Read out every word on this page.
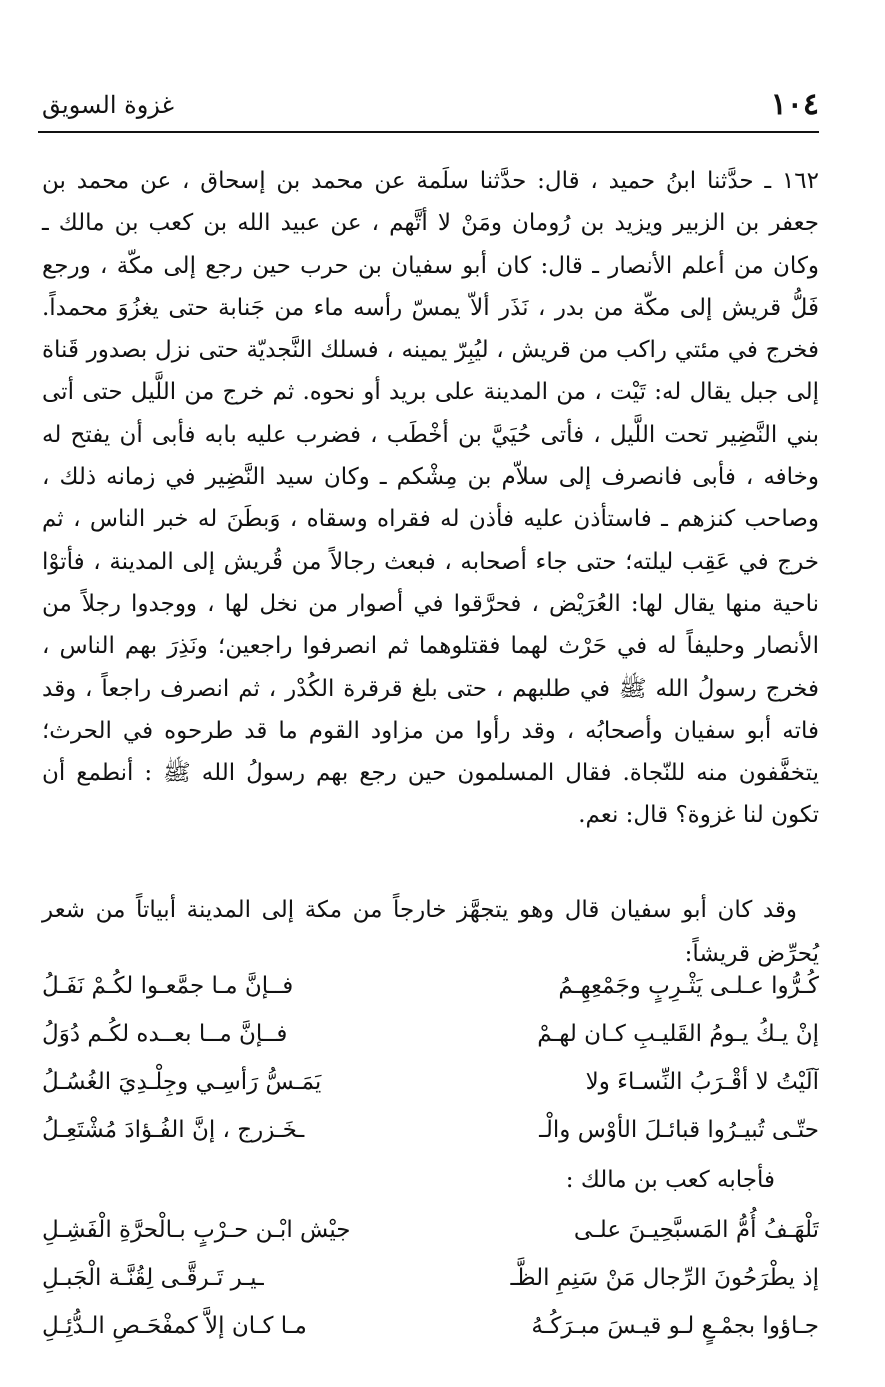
١٠٤
غزوة السويق

١٦٢ ـ حدَّثنا ابنُ حميد ، قال: حدَّثنا سلَمة عن محمد بن إسحاق ، عن محمد بن جعفر بن الزبير ويزيد بن رُومان ومَنْ لا أتَّهم ، عن عبيد الله بن كعب بن مالك ـ وكان من أعلم الأنصار ـ قال: كان أبو سفيان بن حرب حين رجع إلى مكّة ، ورجع فَلُّ قريش إلى مكّة من بدر ، نَذَر ألاّ يمسّ رأسه ماء من جَنابة حتى يغزُوَ محمداً. فخرج في مئتي راكب من قريش ، ليُبِرّ يمينه ، فسلك النَّجديّة حتى نزل بصدور قَناة إلى جبل يقال له: تَيْت ، من المدينة على بريد أو نحوه. ثم خرج من اللَّيل حتى أتى بني النَّضِير تحت اللَّيل ، فأتى حُيَيَّ بن أخْطَب ، فضرب عليه بابه فأبى أن يفتح له وخافه ، فأبى فانصرف إلى سلاّم بن مِشْكم ـ وكان سيد النَّضِير في زمانه ذلك ، وصاحب كنزهم ـ فاستأذن عليه فأذن له فقراه وسقاه ، وَبطَنَ له خبر الناس ، ثم خرج في عَقِب ليلته؛ حتى جاء أصحابه ، فبعث رجالاً من قُريش إلى المدينة ، فأتوْا ناحية منها يقال لها: العُرَيْض ، فحرَّقوا في أصوار من نخل لها ، ووجدوا رجلاً من الأنصار وحليفاً له في حَرْث لهما فقتلوهما ثم انصرفوا راجعين؛ ونَذِرَ بهم الناس ، فخرج رسولُ الله ﷺ في طلبهم ، حتى بلغ قرقرة الكُدْر ، ثم انصرف راجعاً ، وقد فاته أبو سفيان وأصحابُه ، وقد رأوا من مزاود القوم ما قد طرحوه في الحرث؛ يتخفَّفون منه للنّجاة. فقال المسلمون حين رجع بهم رسولُ الله ﷺ : أنطمع أن تكون لنا غزوة؟ قال: نعم.

وقد كان أبو سفيان قال وهو يتجهَّز خارجاً من مكة إلى المدينة أبياتاً من شعر يُحرِّض قريشاً:

كُـرُّوا عـلـى يَثْـرِبٍ وجَمْعِهِـمُ
فــإنَّ مـا جمَّعـوا لكُـمْ نَفَـلُ
إنْ يـكُ يـومُ القَليـبِ كـان لهـمْ
فــإنَّ مــا بعــده لكُـم دُوَلُ
آلَيْتُ لا أقْـرَبُ النِّسـاءَ ولا
يَمَـسُّ رَأسِـي وجِلْـدِيَ الغُسُـلُ
حتّـى تُبيـرُوا قبائـلَ الأوْس والْـ
ـخَـزرج ، إنَّ الفُـؤادَ مُشْتَعِـلُ
فأجابه كعب بن مالك :
تَلْهَـفُ أُمُّ المَسبَّحِيـنَ علـى
جيْش ابْـن حـرْبٍ بـالْحرَّةِ الْفَشِـلِ
إذ يطْرَحُونَ الرِّجال مَنْ سَنِمِ الظَّـ
ـيـر تَـرقَّـى لِقُنَّـة الْجَبـلِ
جـاؤوا بجمْـعٍ لـو قيـسَ مبـرَكُـهُ
مـا كـان إلاَّ كمفْحَـصِ الـدُّئِـلِ
